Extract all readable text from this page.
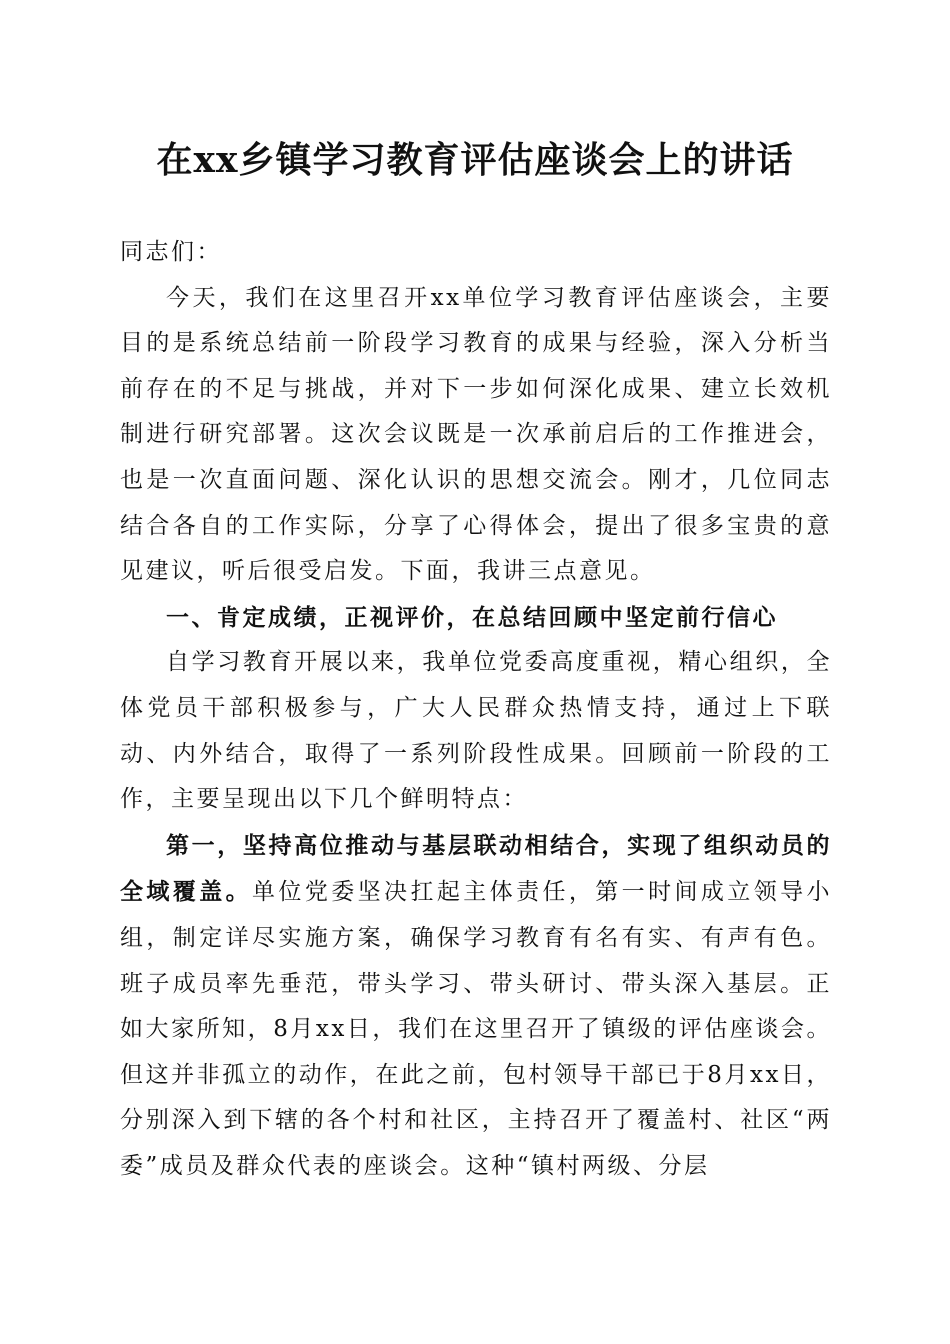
在xx乡镇学习教育评估座谈会上的讲话

同志们：

今天，我们在这里召开xx单位学习教育评估座谈会，主要目的是系统总结前一阶段学习教育的成果与经验，深入分析当前存在的不足与挑战，并对下一步如何深化成果、建立长效机制进行研究部署。这次会议既是一次承前启后的工作推进会，也是一次直面问题、深化认识的思想交流会。刚才，几位同志结合各自的工作实际，分享了心得体会，提出了很多宝贵的意见建议，听后很受启发。下面，我讲三点意见。

一、肯定成绩，正视评价，在总结回顾中坚定前行信心

自学习教育开展以来，我单位党委高度重视，精心组织，全体党员干部积极参与，广大人民群众热情支持，通过上下联动、内外结合，取得了一系列阶段性成果。回顾前一阶段的工作，主要呈现出以下几个鲜明特点：

第一，坚持高位推动与基层联动相结合，实现了组织动员的全域覆盖。单位党委坚决扛起主体责任，第一时间成立领导小组，制定详尽实施方案，确保学习教育有名有实、有声有色。班子成员率先垂范，带头学习、带头研讨、带头深入基层。正如大家所知，8月xx日，我们在这里召开了镇级的评估座谈会。但这并非孤立的动作，在此之前，包村领导干部已于8月xx日，分别深入到下辖的各个村和社区，主持召开了覆盖村、社区“两委”成员及群众代表的座谈会。这种“镇村两级、分层
